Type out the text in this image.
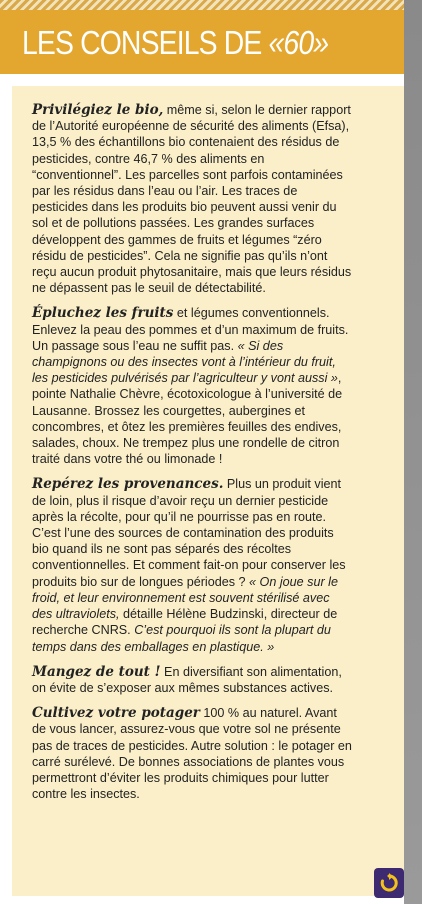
LES CONSEILS DE «60»

Privilégiez le bio, même si, selon le dernier rapport de l’Autorité européenne de sécurité des aliments (Efsa), 13,5 % des échantillons bio contenaient des résidus de pesticides, contre 46,7 % des aliments en “conventionnel”. Les parcelles sont parfois contaminées par les résidus dans l’eau ou l’air. Les traces de pesticides dans les produits bio peuvent aussi venir du sol et de pollutions passées. Les grandes surfaces développent des gammes de fruits et légumes “zéro résidu de pesticides”. Cela ne signifie pas qu’ils n’ont reçu aucun produit phytosanitaire, mais que leurs résidus ne dépassent pas le seuil de détectabilité.

Épluchez les fruits et légumes conventionnels. Enlevez la peau des pommes et d’un maximum de fruits. Un passage sous l’eau ne suffit pas. « Si des champignons ou des insectes vont à l’intérieur du fruit, les pesticides pulvérisés par l’agriculteur y vont aussi », pointe Nathalie Chèvre, écotoxicologue à l’université de Lausanne. Brossez les courgettes, aubergines et concombres, et ôtez les premières feuilles des endives, salades, choux. Ne trempez plus une rondelle de citron traité dans votre thé ou limonade !

Repérez les provenances. Plus un produit vient de loin, plus il risque d’avoir reçu un dernier pesticide après la récolte, pour qu’il ne pourrisse pas en route. C’est l’une des sources de contamination des produits bio quand ils ne sont pas séparés des récoltes conventionnelles. Et comment fait-on pour conserver les produits bio sur de longues périodes ? « On joue sur le froid, et leur environnement est souvent stérilisé avec des ultraviolets, détaille Hélène Budzinski, directeur de recherche CNRS. C’est pourquoi ils sont la plupart du temps dans des emballages en plastique. »

Mangez de tout ! En diversifiant son alimentation, on évite de s’exposer aux mêmes substances actives.

Cultivez votre potager 100 % au naturel. Avant de vous lancer, assurez-vous que votre sol ne présente pas de traces de pesticides. Autre solution : le potager en carré surélevé. De bonnes associations de plantes vous permettront d’éviter les produits chimiques pour lutter contre les insectes.
